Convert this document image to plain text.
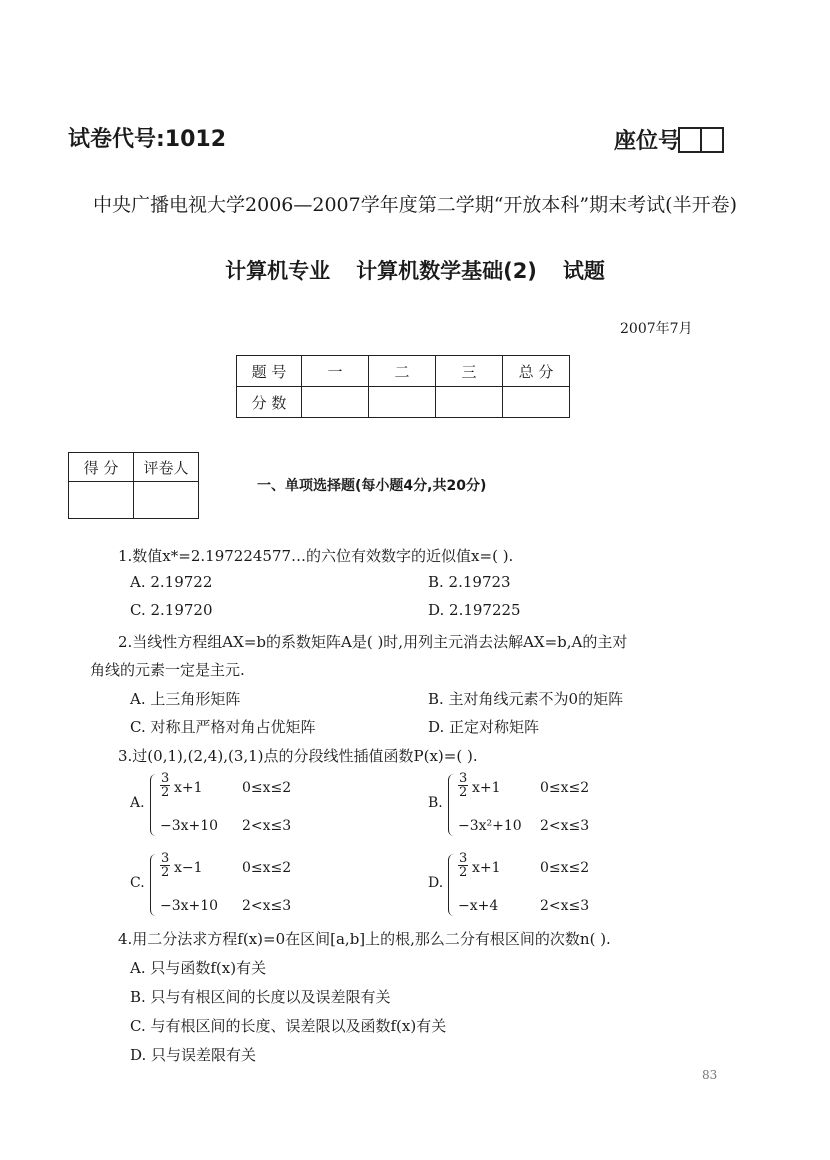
试卷代号:1012	座位号
中央广播电视大学2006—2007学年度第二学期“开放本科”期末考试(半开卷)
计算机专业 计算机数学基础(2) 试题
2007年7月
题 号	一	二	三	总 分
分 数				
得 分	评卷人

一、单项选择题(每小题4分,共20分)
1.数值x*=2.197224577…的六位有效数字的近似值x=( ).
A. 2.19722	B. 2.19723
C. 2.19720	D. 2.197225
2.当线性方程组AX=b的系数矩阵A是( )时,用列主元消去法解AX=b,A的主对
角线的元素一定是主元.
A. 上三角形矩阵	B. 主对角线元素不为0的矩阵
C. 对称且严格对角占优矩阵	D. 正定对称矩阵
3.过(0,1),(2,4),(3,1)点的分段线性插值函数P(x)=( ).
A.
$\frac{3}{2} x+1$	0≤x≤2
−3x+10 2<x≤3
B.
$\frac{3}{2} x+1$	0≤x≤2
−3x²+10 2<x≤3
C.
$\frac{3}{2} x-1$	0≤x≤2
−3x+10 2<x≤3
D.
$\frac{3}{2} x+1$	0≤x≤2
−x+4	2<x≤3
4.用二分法求方程f(x)=0在区间[a,b]上的根,那么二分有根区间的次数n( ).
A. 只与函数f(x)有关
B. 只与有根区间的长度以及误差限有关
C. 与有根区间的长度、误差限以及函数f(x)有关
D. 只与误差限有关
83
